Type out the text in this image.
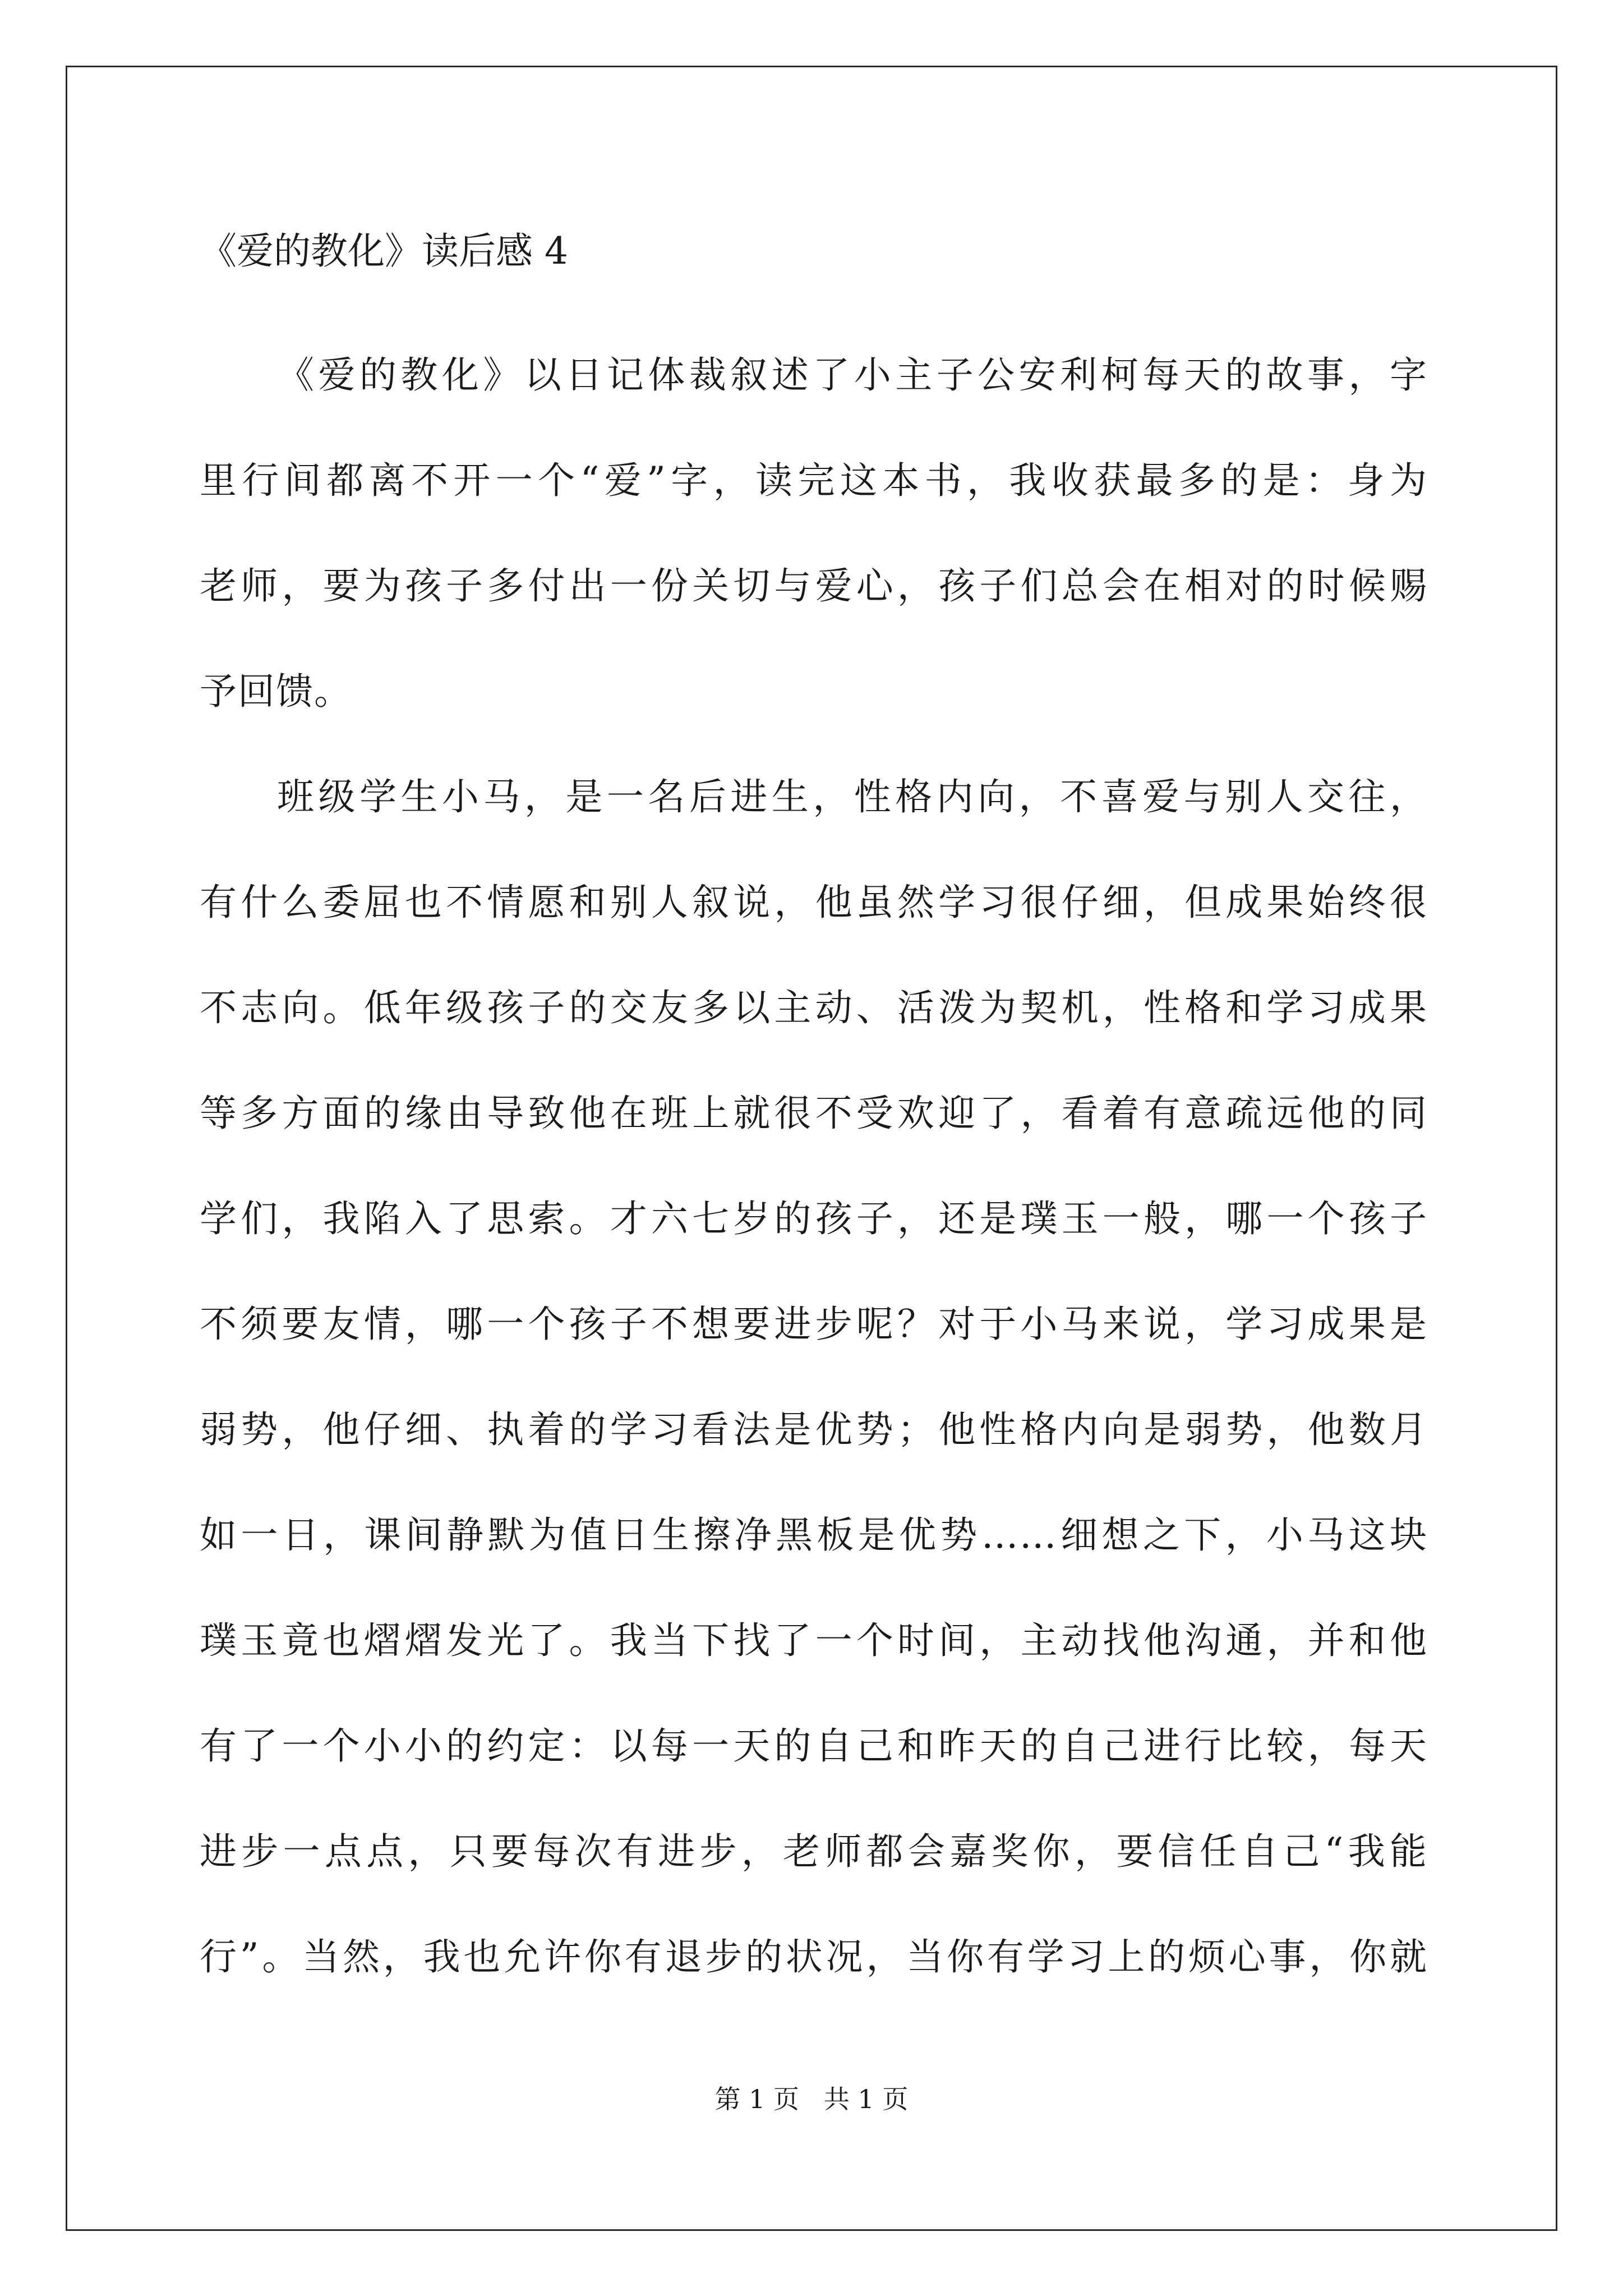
《爱的教化》读后感 4
《爱的教化》以日记体裁叙述了小主子公安利柯每天的故事，字
里行间都离不开一个“爱”字，读完这本书，我收获最多的是：身为
老师，要为孩子多付出一份关切与爱心，孩子们总会在相对的时候赐
予回馈。
班级学生小马，是一名后进生，性格内向，不喜爱与别人交往，
有什么委屈也不情愿和别人叙说，他虽然学习很仔细，但成果始终很
不志向。低年级孩子的交友多以主动、活泼为契机，性格和学习成果
等多方面的缘由导致他在班上就很不受欢迎了，看着有意疏远他的同
学们，我陷入了思索。才六七岁的孩子，还是璞玉一般，哪一个孩子
不须要友情，哪一个孩子不想要进步呢？对于小马来说，学习成果是
弱势，他仔细、执着的学习看法是优势；他性格内向是弱势，他数月
如一日，课间静默为值日生擦净黑板是优势……细想之下，小马这块
璞玉竟也熠熠发光了。我当下找了一个时间，主动找他沟通，并和他
有了一个小小的约定：以每一天的自己和昨天的自己进行比较，每天
进步一点点，只要每次有进步，老师都会嘉奖你，要信任自己“我能
行”。当然，我也允许你有退步的状况，当你有学习上的烦心事，你就
第 1 页   共 1 页
